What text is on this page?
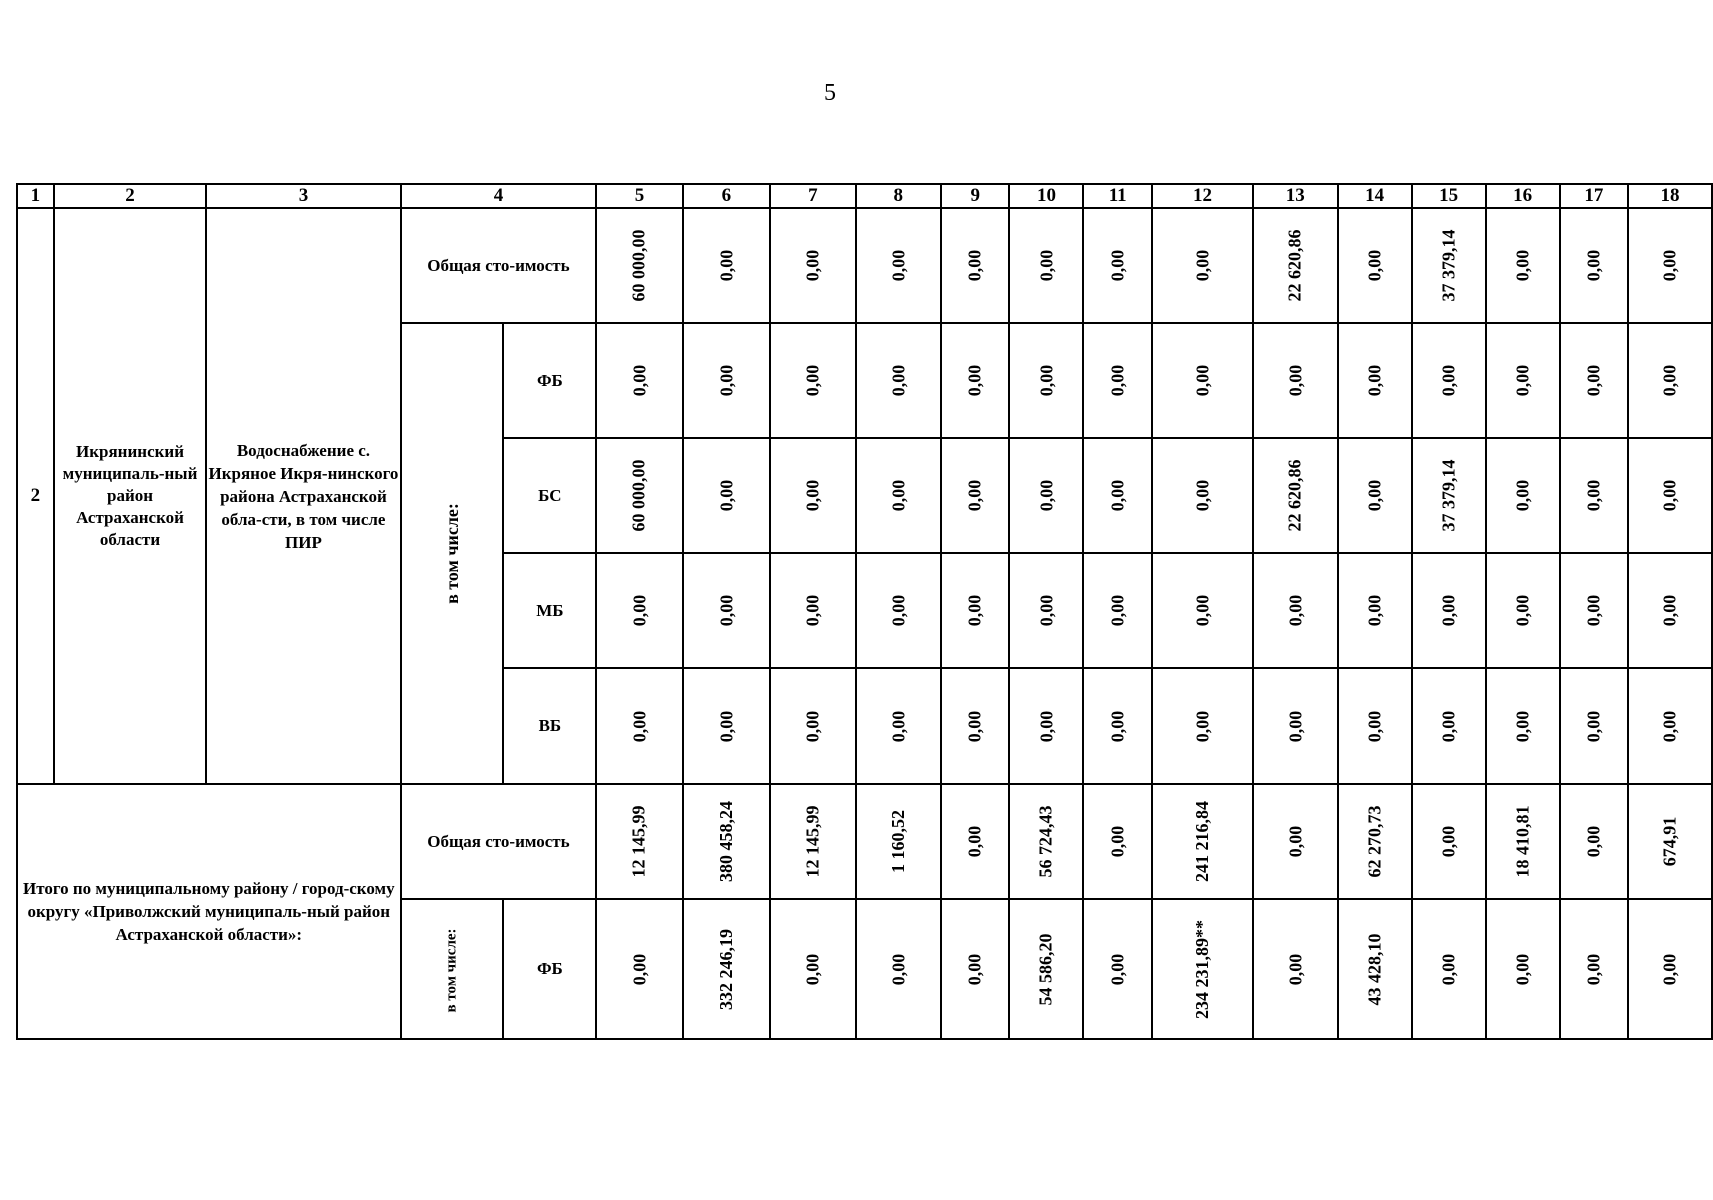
5
1	2	3	4		5	6	7	8	9	10	11	12	13	14	15	16	17	18
2	Икрянинский муниципаль-ный район Астраханской области	Водоснабжение с. Икряное Икря-нинского района Астраханской обла-сти, в том числе ПИР	Общая сто-имость		60 000,00	0,00	0,00	0,00	0,00	0,00	0,00	0,00	22 620,86	0,00	37 379,14	0,00	0,00	0,00
			в том числе:	ФБ	0,00	0,00	0,00	0,00	0,00	0,00	0,00	0,00	0,00	0,00	0,00	0,00	0,00	0,00
				БС	60 000,00	0,00	0,00	0,00	0,00	0,00	0,00	0,00	22 620,86	0,00	37 379,14	0,00	0,00	0,00
				МБ	0,00	0,00	0,00	0,00	0,00	0,00	0,00	0,00	0,00	0,00	0,00	0,00	0,00	0,00
				ВБ	0,00	0,00	0,00	0,00	0,00	0,00	0,00	0,00	0,00	0,00	0,00	0,00	0,00	0,00
Итого по муниципальному району / город-скому округу «Приволжский муниципаль-ный район Астраханской области»:			Общая сто-имость		12 145,99	380 458,24	12 145,99	1 160,52	0,00	56 724,43	0,00	241 216,84	0,00	62 270,73	0,00	18 410,81	0,00	674,91
			в том числе:	ФБ	0,00	332 246,19	0,00	0,00	0,00	54 586,20	0,00	234 231,89**	0,00	43 428,10	0,00	0,00	0,00	0,00
